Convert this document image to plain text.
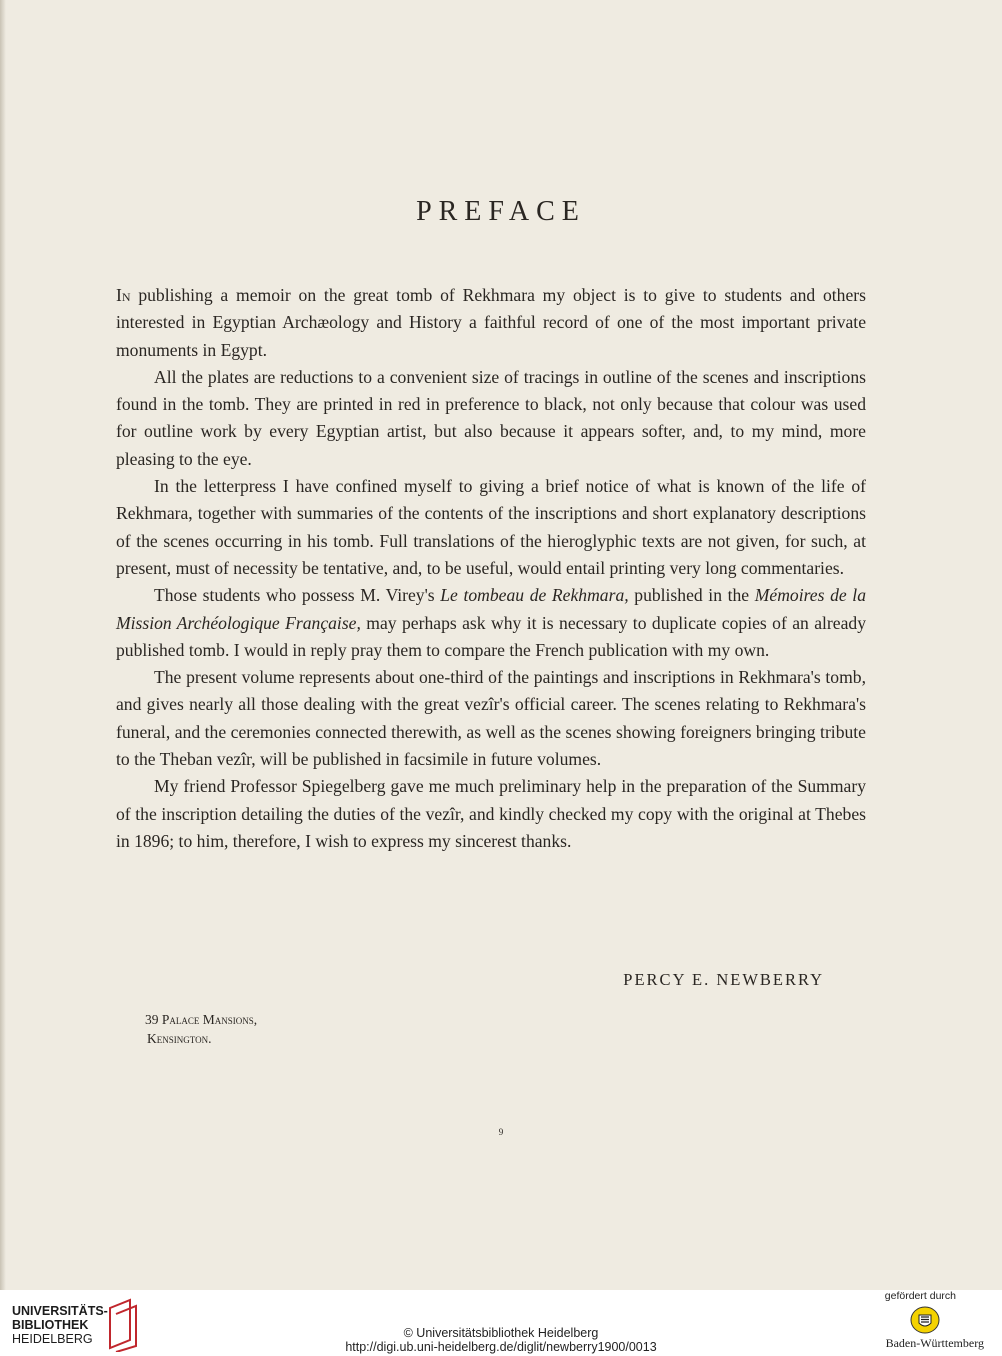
PREFACE

In publishing a memoir on the great tomb of Rekhmara my object is to give to students and others interested in Egyptian Archæology and History a faithful record of one of the most important private monuments in Egypt.

All the plates are reductions to a convenient size of tracings in outline of the scenes and inscriptions found in the tomb. They are printed in red in preference to black, not only because that colour was used for outline work by every Egyptian artist, but also because it appears softer, and, to my mind, more pleasing to the eye.

In the letterpress I have confined myself to giving a brief notice of what is known of the life of Rekhmara, together with summaries of the contents of the inscriptions and short explanatory descriptions of the scenes occurring in his tomb. Full translations of the hieroglyphic texts are not given, for such, at present, must of necessity be tentative, and, to be useful, would entail printing very long commentaries.

Those students who possess M. Virey's Le tombeau de Rekhmara, published in the Mémoires de la Mission Archéologique Française, may perhaps ask why it is necessary to duplicate copies of an already published tomb. I would in reply pray them to compare the French publication with my own.

The present volume represents about one-third of the paintings and inscriptions in Rekhmara's tomb, and gives nearly all those dealing with the great vezîr's official career. The scenes relating to Rekhmara's funeral, and the ceremonies connected therewith, as well as the scenes showing foreigners bringing tribute to the Theban vezîr, will be published in facsimile in future volumes.

My friend Professor Spiegelberg gave me much preliminary help in the preparation of the Summary of the inscription detailing the duties of the vezîr, and kindly checked my copy with the original at Thebes in 1896; to him, therefore, I wish to express my sincerest thanks.

PERCY E. NEWBERRY
39 Palace Mansions,
Kensington.
9
UNIVERSITÄTS-
BIBLIOTHEK
HEIDELBERG	© Universitätsbibliothek Heidelberg
http://digi.ub.uni-heidelberg.de/diglit/newberry1900/0013
gefördert durch
Baden-Württemberg
